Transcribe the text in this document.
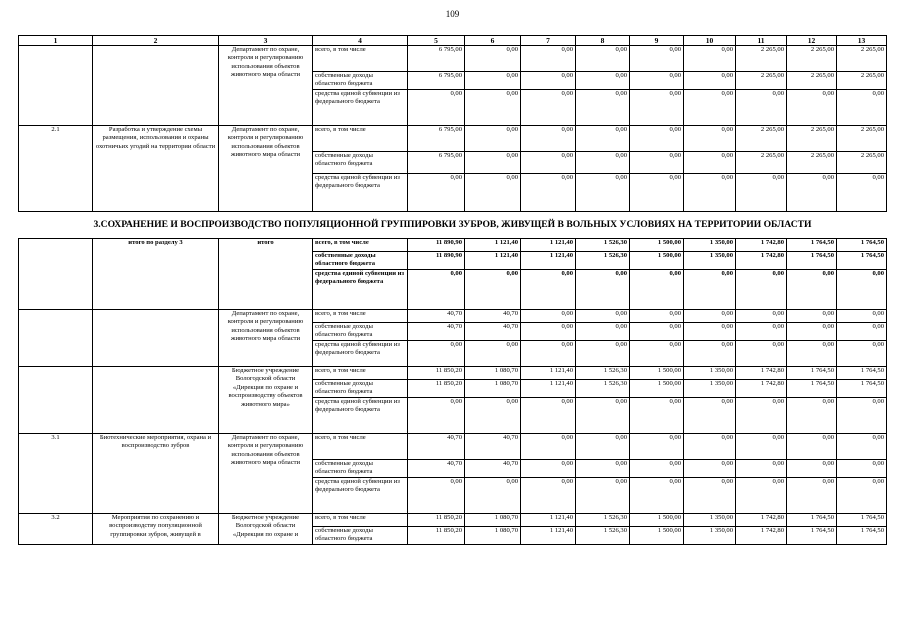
109
1	2	3	4	5	6	7	8	9	10	11	12	13
		Департамент по охране, контроля и регулированию использования объектов животного мира области	всего, в том числе	6 795,00	0,00	0,00	0,00	0,00	0,00	2 265,00	2 265,00	2 265,00
			собственные доходы областного бюджета	6 795,00	0,00	0,00	0,00	0,00	0,00	2 265,00	2 265,00	2 265,00
			средства единой субвенции из федерального бюджета	0,00	0,00	0,00	0,00	0,00	0,00	0,00	0,00	0,00
2.1	Разработка и утверждение схемы размещения, использования и охраны охотничьих угодий на территории области	Департамент по охране, контроля и регулированию использования объектов животного мира области	всего, в том числе	6 795,00	0,00	0,00	0,00	0,00	0,00	2 265,00	2 265,00	2 265,00
			собственные доходы областного бюджета	6 795,00	0,00	0,00	0,00	0,00	0,00	2 265,00	2 265,00	2 265,00
			средства единой субвенции из федерального бюджета	0,00	0,00	0,00	0,00	0,00	0,00	0,00	0,00	0,00
3.СОХРАНЕНИЕ И ВОСПРОИЗВОДСТВО ПОПУЛЯЦИОННОЙ ГРУППИРОВКИ ЗУБРОВ, ЖИВУЩЕЙ В ВОЛЬНЫХ УСЛОВИЯХ НА ТЕРРИТОРИИ ОБЛАСТИ												
	итого по разделу 3	итого	всего, в том числе	11 890,90	1 121,40	1 121,40	1 526,30	1 500,00	1 350,00	1 742,80	1 764,50	1 764,50
			собственные доходы областного бюджета	11 890,90	1 121,40	1 121,40	1 526,30	1 500,00	1 350,00	1 742,80	1 764,50	1 764,50
			средства единой субвенции из федерального бюджета	0,00	0,00	0,00	0,00	0,00	0,00	0,00	0,00	0,00
		Департамент по охране, контроля и регулированию использования объектов животного мира области	всего, в том числе	40,70	40,70	0,00	0,00	0,00	0,00	0,00	0,00	0,00
			собственные доходы областного бюджета	40,70	40,70	0,00	0,00	0,00	0,00	0,00	0,00	0,00
			средства единой субвенции из федерального бюджета	0,00	0,00	0,00	0,00	0,00	0,00	0,00	0,00	0,00
		Бюджетное учреждение Вологодской области «Дирекция по охране и воспроизводству объектов животного мира»	всего, в том числе	11 850,20	1 080,70	1 121,40	1 526,30	1 500,00	1 350,00	1 742,80	1 764,50	1 764,50
			собственные доходы областного бюджета	11 850,20	1 080,70	1 121,40	1 526,30	1 500,00	1 350,00	1 742,80	1 764,50	1 764,50
			средства единой субвенции из федерального бюджета	0,00	0,00	0,00	0,00	0,00	0,00	0,00	0,00	0,00
3.1	Биотехнические мероприятия, охрана и воспроизводство зубров	Департамент по охране, контроля и регулированию использования объектов животного мира области	всего, в том числе	40,70	40,70	0,00	0,00	0,00	0,00	0,00	0,00	0,00
			собственные доходы областного бюджета	40,70	40,70	0,00	0,00	0,00	0,00	0,00	0,00	0,00
			средства единой субвенции из федерального бюджета	0,00	0,00	0,00	0,00	0,00	0,00	0,00	0,00	0,00
3.2	Мероприятия по сохранению и воспроизводству популяционной группировки зубров, живущей в	Бюджетное учреждение Вологодской области «Дирекция по охране и	всего, в том числе	11 850,20	1 080,70	1 121,40	1 526,30	1 500,00	1 350,00	1 742,80	1 764,50	1 764,50
			собственные доходы областного бюджета	11 850,20	1 080,70	1 121,40	1 526,30	1 500,00	1 350,00	1 742,80	1 764,50	1 764,50
